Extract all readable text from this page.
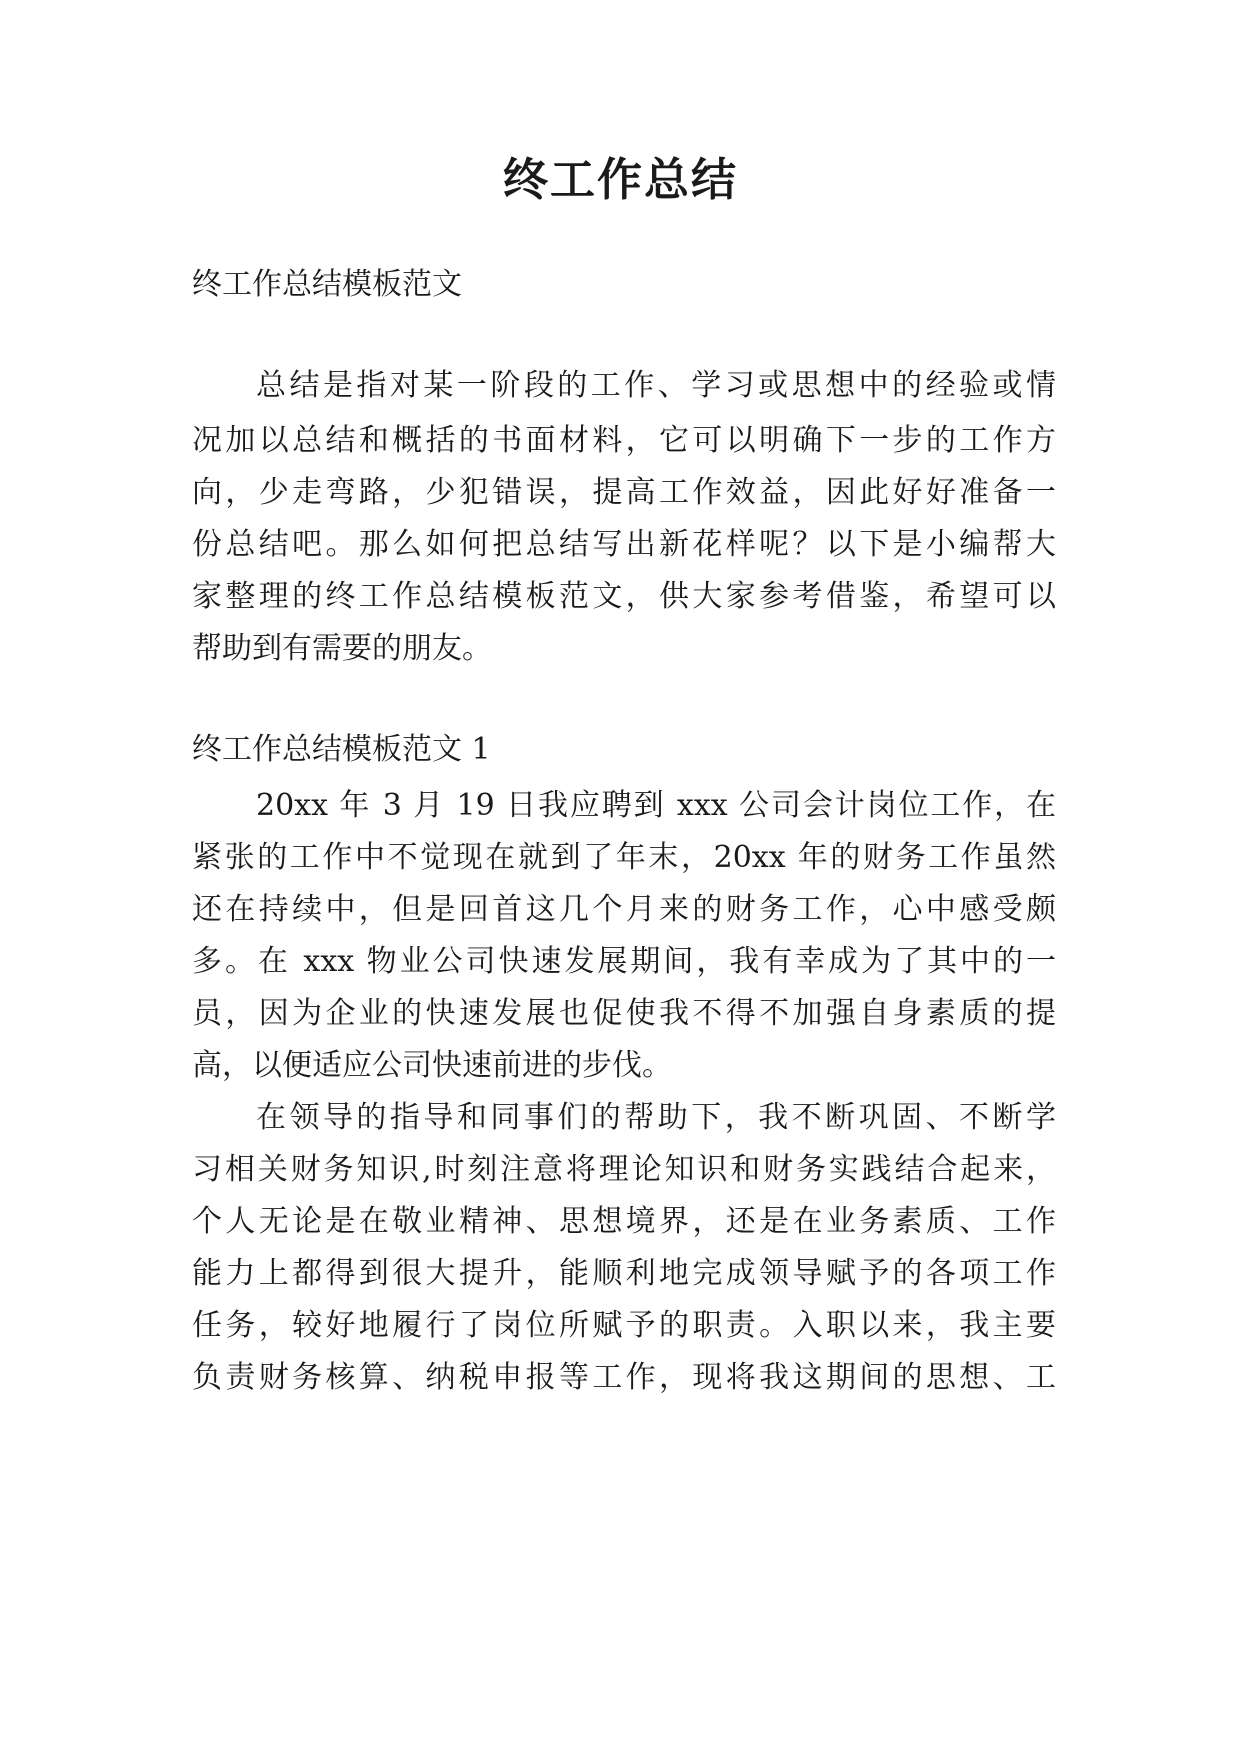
终工作总结

终工作总结模板范文

总结是指对某一阶段的工作、学习或思想中的经验或情

况加以总结和概括的书面材料，它可以明确下一步的工作方

向，少走弯路，少犯错误，提高工作效益，因此好好准备一

份总结吧。那么如何把总结写出新花样呢？以下是小编帮大

家整理的终工作总结模板范文，供大家参考借鉴，希望可以

帮助到有需要的朋友。

终工作总结模板范文 1

20xx 年 3 月 19 日我应聘到 xxx 公司会计岗位工作，在

紧张的工作中不觉现在就到了年末，20xx 年的财务工作虽然

还在持续中，但是回首这几个月来的财务工作，心中感受颇

多。在 xxx 物业公司快速发展期间，我有幸成为了其中的一

员，因为企业的快速发展也促使我不得不加强自身素质的提

高，以便适应公司快速前进的步伐。

在领导的指导和同事们的帮助下，我不断巩固、不断学

习相关财务知识,时刻注意将理论知识和财务实践结合起来，

个人无论是在敬业精神、思想境界，还是在业务素质、工作

能力上都得到很大提升，能顺利地完成领导赋予的各项工作

任务，较好地履行了岗位所赋予的职责。入职以来，我主要

负责财务核算、纳税申报等工作，现将我这期间的思想、工
